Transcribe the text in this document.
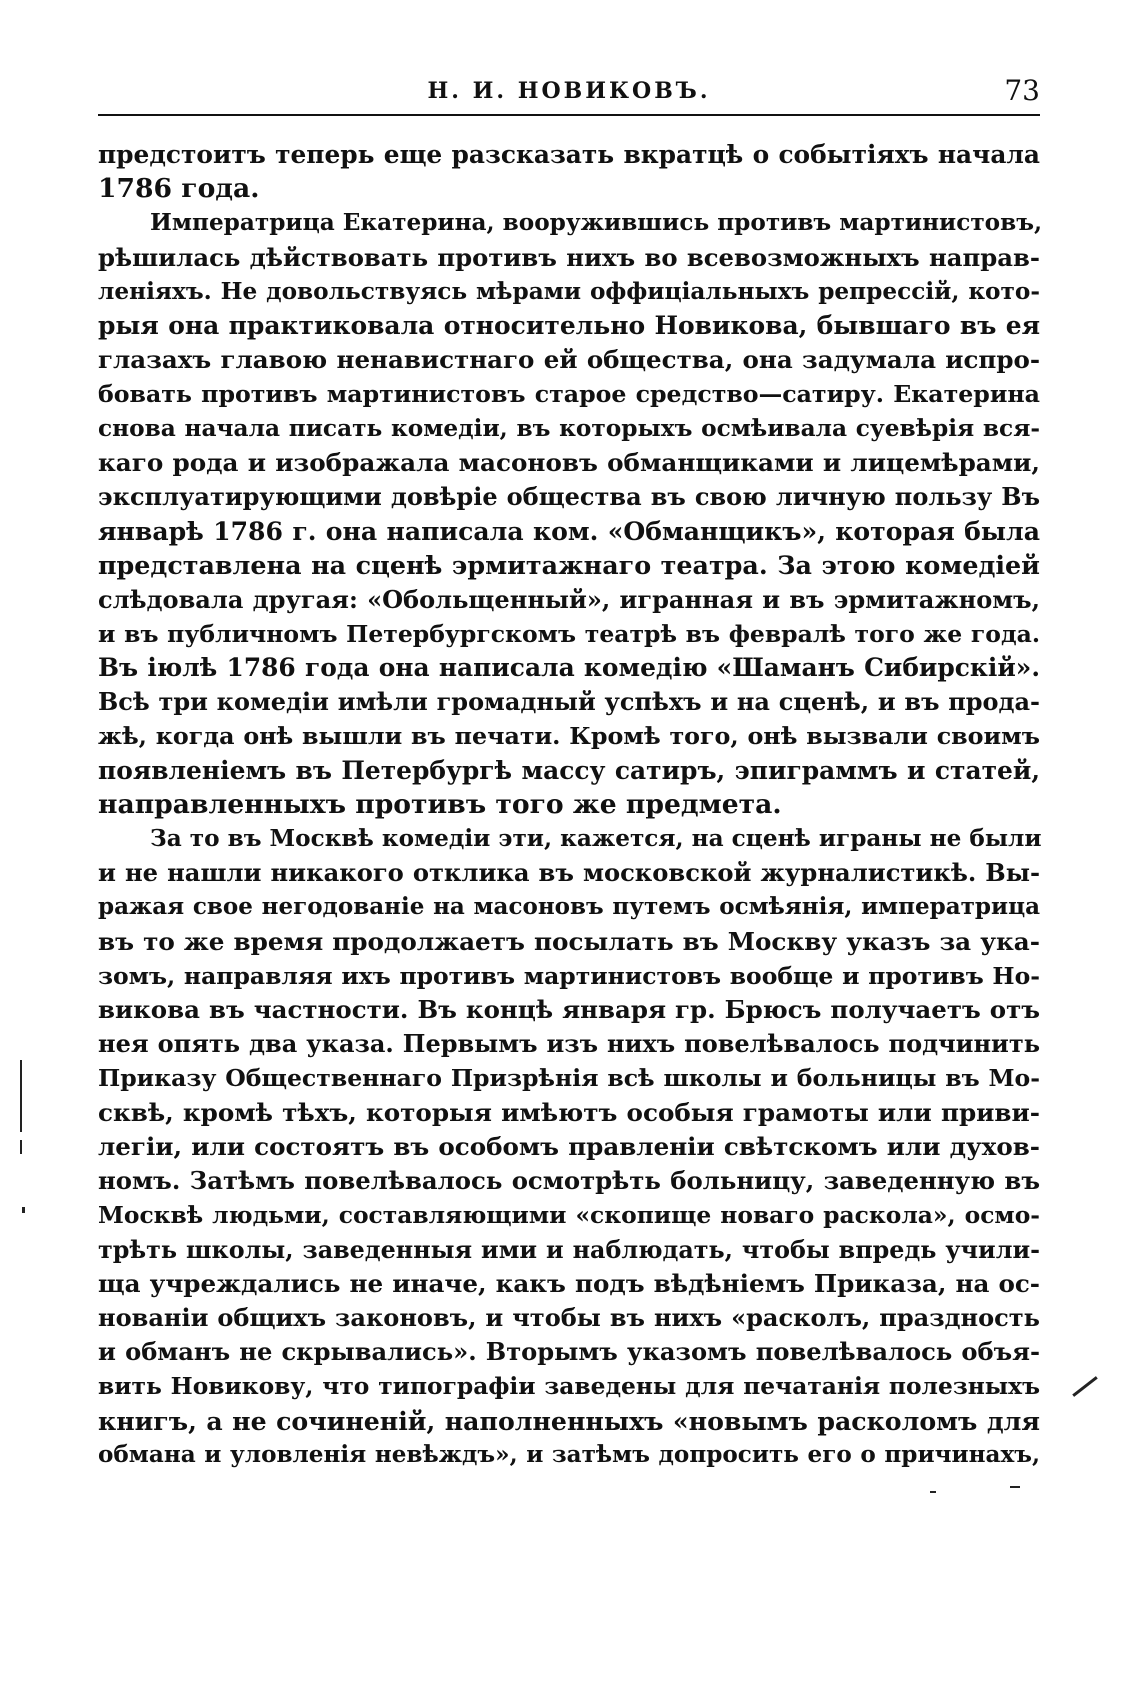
Н. И. НОВИКОВЪ.	73
предстоитъ теперь еще разсказать вкратцѣ о событіяхъ начала
1786 года.
Императрица Екатерина, вооружившись противъ мартинистовъ,
рѣшилась дѣйствовать противъ нихъ во всевозможныхъ направ-
леніяхъ. Не довольствуясь мѣрами оффиціальныхъ репрессій, кото-
рыя она практиковала относительно Новикова, бывшаго въ ея
глазахъ главою ненавистнаго ей общества, она задумала испро-
бовать противъ мартинистовъ старое средство—сатиру. Екатерина
снова начала писать комедіи, въ которыхъ осмѣивала суевѣрія вся-
каго рода и изображала масоновъ обманщиками и лицемѣрами,
эксплуатирующими довѣріе общества въ свою личную пользу Въ
январѣ 1786 г. она написала ком. «Обманщикъ», которая была
представлена на сценѣ эрмитажнаго театра. За этою комедіей
слѣдовала другая: «Обольщенный», игранная и въ эрмитажномъ,
и въ публичномъ Петербургскомъ театрѣ въ февралѣ того же года.
Въ іюлѣ 1786 года она написала комедію «Шаманъ Сибирскій».
Всѣ три комедіи имѣли громадный успѣхъ и на сценѣ, и въ прода-
жѣ, когда онѣ вышли въ печати. Кромѣ того, онѣ вызвали своимъ
появленіемъ въ Петербургѣ массу сатиръ, эпиграммъ и статей,
направленныхъ противъ того же предмета.
За то въ Москвѣ комедіи эти, кажется, на сценѣ играны не были
и не нашли никакого отклика въ московской журналистикѣ. Вы-
ражая свое негодованіе на масоновъ путемъ осмѣянія, императрица
въ то же время продолжаетъ посылать въ Москву указъ за ука-
зомъ, направляя ихъ противъ мартинистовъ вообще и противъ Но-
викова въ частности. Въ концѣ января гр. Брюсъ получаетъ отъ
нея опять два указа. Первымъ изъ нихъ повелѣвалось подчинить
Приказу Общественнаго Призрѣнія всѣ школы и больницы въ Мо-
сквѣ, кромѣ тѣхъ, которыя имѣютъ особыя грамоты или приви-
легіи, или состоятъ въ особомъ правленіи свѣтскомъ или духов-
номъ. Затѣмъ повелѣвалось осмотрѣть больницу, заведенную въ
Москвѣ людьми, составляющими «скопище новаго раскола», осмо-
трѣть школы, заведенныя ими и наблюдать, чтобы впредь учили-
ща учреждались не иначе, какъ подъ вѣдѣніемъ Приказа, на ос-
нованіи общихъ законовъ, и чтобы въ нихъ «расколъ, праздность
и обманъ не скрывались». Вторымъ указомъ повелѣвалось объя-
вить Новикову, что типографіи заведены для печатанія полезныхъ
книгъ, а не сочиненій, наполненныхъ «новымъ расколомъ для
обмана и уловленія невѣждъ», и затѣмъ допросить его о причинахъ,
